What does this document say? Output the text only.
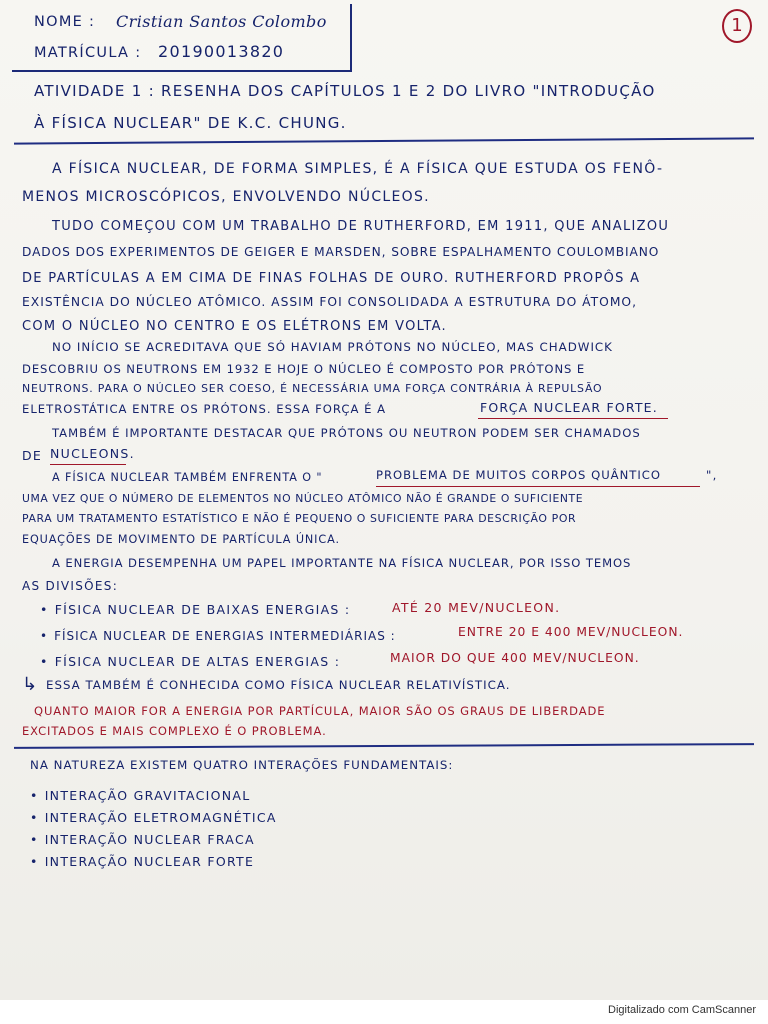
NOME : Cristian Santos Colombo
MATRÍCULA : 20190013820
1
ATIVIDADE 1 : RESENHA DOS CAPÍTULOS 1 E 2 DO LIVRO "INTRODUÇÃO
À FÍSICA NUCLEAR" DE K.C. CHUNG.
A FÍSICA NUCLEAR, DE FORMA SIMPLES, É A FÍSICA QUE ESTUDA OS FENÔ-
MENOS MICROSCÓPICOS, ENVOLVENDO NÚCLEOS.
TUDO COMEÇOU COM UM TRABALHO DE RUTHERFORD, EM 1911, QUE ANALIZOU
DADOS DOS EXPERIMENTOS DE GEIGER E MARSDEN, SOBRE ESPALHAMENTO COULOMBIANO
DE PARTÍCULAS Α EM CIMA DE FINAS FOLHAS DE OURO. RUTHERFORD PROPÔS A
EXISTÊNCIA DO NÚCLEO ATÔMICO. ASSIM FOI CONSOLIDADA A ESTRUTURA DO ÁTOMO,
COM O NÚCLEO NO CENTRO E OS ELÉTRONS EM VOLTA.
NO INÍCIO SE ACREDITAVA QUE SÓ HAVIAM PRÓTONS NO NÚCLEO, MAS CHADWICK
DESCOBRIU OS NEUTRONS EM 1932 E HOJE O NÚCLEO É COMPOSTO POR PRÓTONS E
NEUTRONS. PARA O NÚCLEO SER COESO, É NECESSÁRIA UMA FORÇA CONTRÁRIA À REPULSÃO
ELETROSTÁTICA ENTRE OS PRÓTONS. ESSA FORÇA É A	FORÇA NUCLEAR FORTE.
TAMBÉM É IMPORTANTE DESTACAR QUE PRÓTONS OU NEUTRON PODEM SER CHAMADOS
DE NUCLEONS.
A FÍSICA NUCLEAR TAMBÉM ENFRENTA O "	PROBLEMA DE MUITOS CORPOS QUÂNTICO	",
UMA VEZ QUE O NÚMERO DE ELEMENTOS NO NÚCLEO ATÔMICO NÃO É GRANDE O SUFICIENTE
PARA UM TRATAMENTO ESTATÍSTICO E NÃO É PEQUENO O SUFICIENTE PARA DESCRIÇÃO POR
EQUAÇÕES DE MOVIMENTO DE PARTÍCULA ÚNICA.
A ENERGIA DESEMPENHA UM PAPEL IMPORTANTE NA FÍSICA NUCLEAR, POR ISSO TEMOS
AS DIVISÕES:
• FÍSICA NUCLEAR DE BAIXAS ENERGIAS :	ATÉ 20 MEV/NUCLEON.
• FÍSICA NUCLEAR DE ENERGIAS INTERMEDIÁRIAS :	ENTRE 20 E 400 MEV/NUCLEON.
• FÍSICA NUCLEAR DE ALTAS ENERGIAS :	MAIOR DO QUE 400 MEV/NUCLEON.
↳ ESSA TAMBÉM É CONHECIDA COMO FÍSICA NUCLEAR RELATIVÍSTICA.
QUANTO MAIOR FOR A ENERGIA POR PARTÍCULA, MAIOR SÃO OS GRAUS DE LIBERDADE
EXCITADOS E MAIS COMPLEXO É O PROBLEMA.
NA NATUREZA EXISTEM QUATRO INTERAÇÕES FUNDAMENTAIS:
• INTERAÇÃO GRAVITACIONAL
• INTERAÇÃO ELETROMAGNÉTICA
• INTERAÇÃO NUCLEAR FRACA
• INTERAÇÃO NUCLEAR FORTE
Digitalizado com CamScanner
